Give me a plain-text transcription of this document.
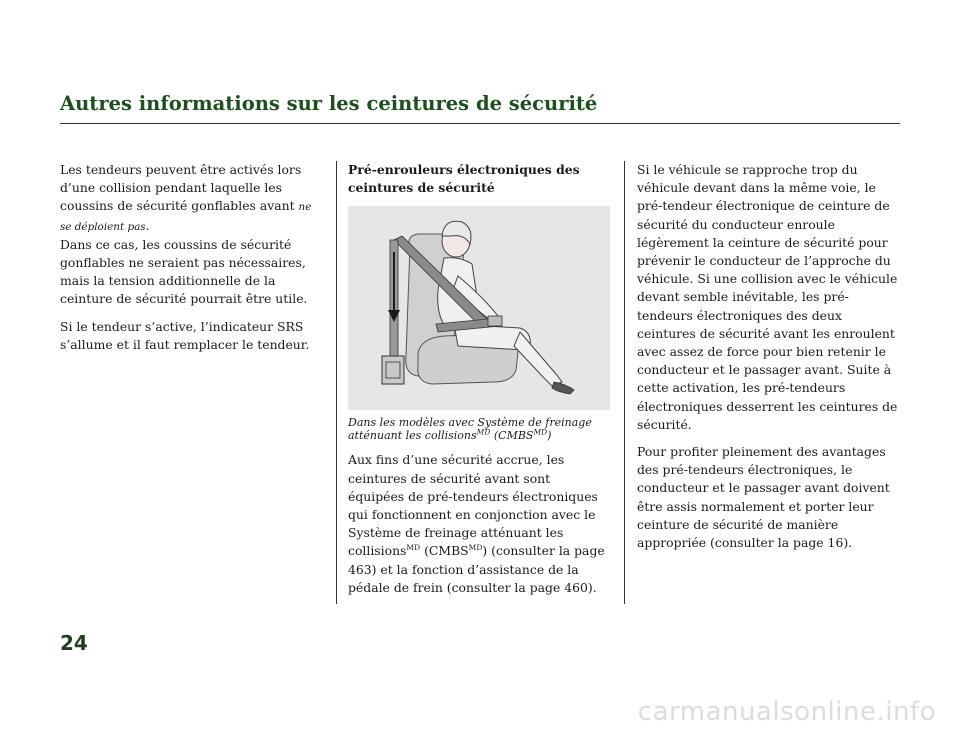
Autres informations sur les ceintures de sécurité

Les tendeurs peuvent être activés lors d’une collision pendant laquelle les coussins de sécurité gonflables avant ne se déploient pas.
Dans ce cas, les coussins de sécurité gonflables ne seraient pas nécessaires, mais la tension additionnelle de la ceinture de sécurité pourrait être utile.

Si le tendeur s’active, l’indicateur SRS s’allume et il faut remplacer le tendeur.

Pré-enrouleurs électroniques des ceintures de sécurité

Dans les modèles avec Système de freinage atténuant les collisions$^{MD}$ $(CMBS^{MD})$

Aux fins d’une sécurité accrue, les ceintures de sécurité avant sont équipées de pré-tendeurs électroniques qui fonctionnent en conjonction avec le Système de freinage atténuant les collisions$^{MD}$ $(CMBS^{MD})$ (consulter la page 463) et la fonction d’assistance de la pédale de frein (consulter la page 460).

Si le véhicule se rapproche trop du véhicule devant dans la même voie, le pré-tendeur électronique de ceinture de sécurité du conducteur enroule légèrement la ceinture de sécurité pour prévenir le conducteur de l’approche du véhicule. Si une collision avec le véhicule devant semble inévitable, les pré-tendeurs électroniques des deux ceintures de sécurité avant les enroulent avec assez de force pour bien retenir le conducteur et le passager avant. Suite à cette activation, les pré-tendeurs électroniques desserrent les ceintures de sécurité.

Pour profiter pleinement des avantages des pré-tendeurs électroniques, le conducteur et le passager avant doivent être assis normalement et porter leur ceinture de sécurité de manière appropriée (consulter la page 16).

24
carmanualsonline.info
